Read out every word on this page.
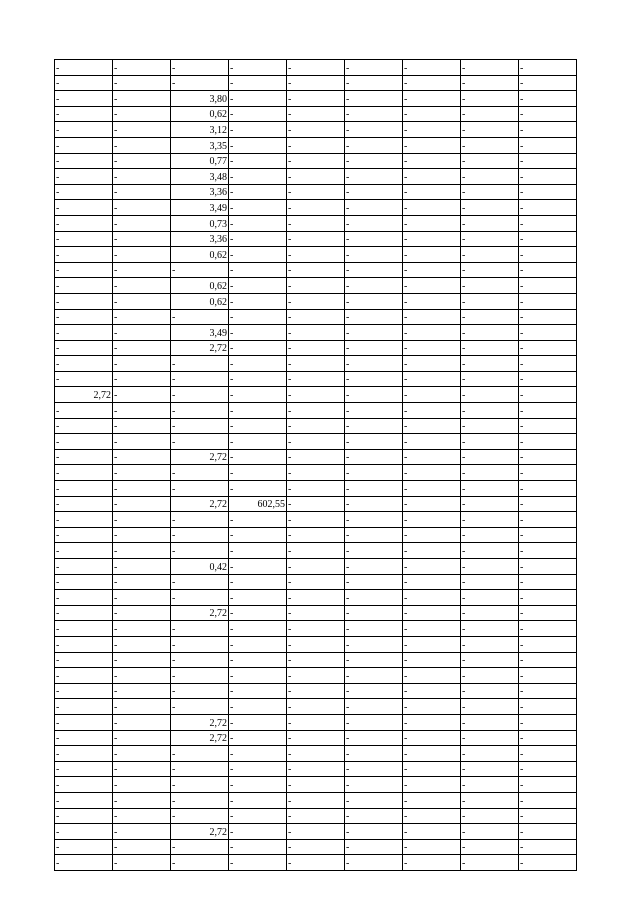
-	-	-	-	-	-	-	-	-
-	-	-	-	-	-	-	-	-
-	-	3,80	-	-	-	-	-	-
-	-	0,62	-	-	-	-	-	-
-	-	3,12	-	-	-	-	-	-
-	-	3,35	-	-	-	-	-	-
-	-	0,77	-	-	-	-	-	-
-	-	3,48	-	-	-	-	-	-
-	-	3,36	-	-	-	-	-	-
-	-	3,49	-	-	-	-	-	-
-	-	0,73	-	-	-	-	-	-
-	-	3,36	-	-	-	-	-	-
-	-	0,62	-	-	-	-	-	-
-	-	-	-	-	-	-	-	-
-	-	0,62	-	-	-	-	-	-
-	-	0,62	-	-	-	-	-	-
-	-	-	-	-	-	-	-	-
-	-	3,49	-	-	-	-	-	-
-	-	2,72	-	-	-	-	-	-
-	-	-	-	-	-	-	-	-
-	-	-	-	-	-	-	-	-
2,72	-	-	-	-	-	-	-	-
-	-	-	-	-	-	-	-	-
-	-	-	-	-	-	-	-	-
-	-	-	-	-	-	-	-	-
-	-	2,72	-	-	-	-	-	-
-	-	-	-	-	-	-	-	-
-	-	-	-	-	-	-	-	-
-	-	2,72	602,55	-	-	-	-	-
-	-	-	-	-	-	-	-	-
-	-	-	-	-	-	-	-	-
-	-	-	-	-	-	-	-	-
-	-	0,42	-	-	-	-	-	-
-	-	-	-	-	-	-	-	-
-	-	-	-	-	-	-	-	-
-	-	2,72	-	-	-	-	-	-
-	-	-	-	-	-	-	-	-
-	-	-	-	-	-	-	-	-
-	-	-	-	-	-	-	-	-
-	-	-	-	-	-	-	-	-
-	-	-	-	-	-	-	-	-
-	-	-	-	-	-	-	-	-
-	-	2,72	-	-	-	-	-	-
-	-	2,72	-	-	-	-	-	-
-	-	-	-	-	-	-	-	-
-	-	-	-	-	-	-	-	-
-	-	-	-	-	-	-	-	-
-	-	-	-	-	-	-	-	-
-	-	-	-	-	-	-	-	-
-	-	2,72	-	-	-	-	-	-
-	-	-	-	-	-	-	-	-
-	-	-	-	-	-	-	-	-
